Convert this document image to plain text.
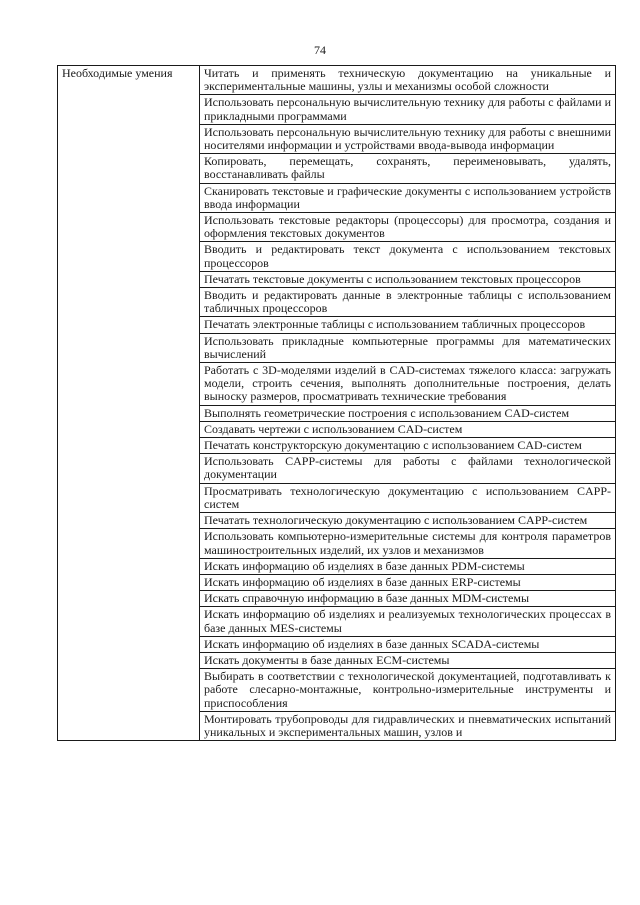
74
Необходимые умения	Читать и применять техническую документацию на уникальные и экспериментальные машины, узлы и механизмы особой сложности
Использовать персональную вычислительную технику для работы с файлами и прикладными программами
Использовать персональную вычислительную технику для работы с внешними носителями информации и устройствами ввода-вывода информации
Копировать, перемещать, сохранять, переименовывать, удалять, восстанавливать файлы
Сканировать текстовые и графические документы с использованием устройств ввода информации
Использовать текстовые редакторы (процессоры) для просмотра, создания и оформления текстовых документов
Вводить и редактировать текст документа с использованием текстовых процессоров
Печатать текстовые документы с использованием текстовых процессоров
Вводить и редактировать данные в электронные таблицы с использованием табличных процессоров
Печатать электронные таблицы с использованием табличных процессоров
Использовать прикладные компьютерные программы для математических вычислений
Работать с 3D-моделями изделий в CAD-системах тяжелого класса: загружать модели, строить сечения, выполнять дополнительные построения, делать выноску размеров, просматривать технические требования
Выполнять геометрические построения с использованием CAD-систем
Создавать чертежи с использованием CAD-систем
Печатать конструкторскую документацию с использованием CAD-систем
Использовать CAPP-системы для работы с файлами технологической документации
Просматривать технологическую документацию с использованием CAPP-систем
Печатать технологическую документацию с использованием CAPP-систем
Использовать компьютерно-измерительные системы для контроля параметров машиностроительных изделий, их узлов и механизмов
Искать информацию об изделиях в базе данных PDM-системы
Искать информацию об изделиях в базе данных ERP-системы
Искать справочную информацию в базе данных MDM-системы
Искать информацию об изделиях и реализуемых технологических процессах в базе данных MES-системы
Искать информацию об изделиях в базе данных SCADA-системы
Искать документы в базе данных ECM-системы
Выбирать в соответствии с технологической документацией, подготавливать к работе слесарно-монтажные, контрольно-измерительные инструменты и приспособления
Монтировать трубопроводы для гидравлических и пневматических испытаний уникальных и экспериментальных машин, узлов и
